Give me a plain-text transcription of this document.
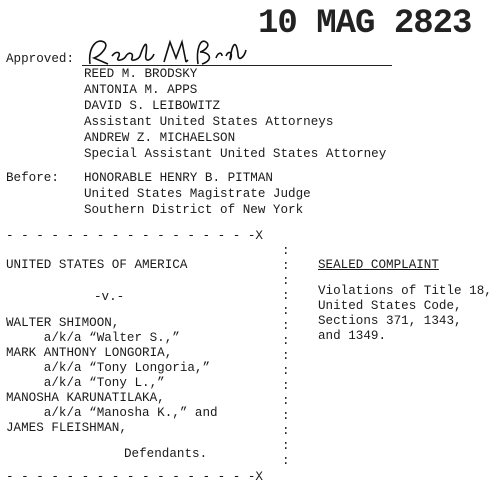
10 MAG 2823
Approved:
REED M. BRODSKY
ANTONIA M. APPS
DAVID S. LEIBOWITZ
Assistant United States Attorneys
ANDREW Z. MICHAELSON
Special Assistant United States Attorney
Before: HONORABLE HENRY B. PITMAN
United States Magistrate Judge
Southern District of New York
- - - - - - - - - - - - - - - - -X
UNITED STATES OF AMERICA
-v.-
WALTER SHIMOON,
a/k/a “Walter S.,”
MARK ANTHONY LONGORIA,
a/k/a “Tony Longoria,”
a/k/a “Tony L.,”
MANOSHA KARUNATILAKA,
a/k/a “Manosha K.,” and
JAMES FLEISHMAN,
Defendants.
- - - - - - - - - - - - - - - - -X
:
:
:
:
:
:
:
:
:
:
:
:
:
:
:
SEALED COMPLAINT
Violations of Title 18,
United States Code,
Sections 371, 1343,
and 1349.
